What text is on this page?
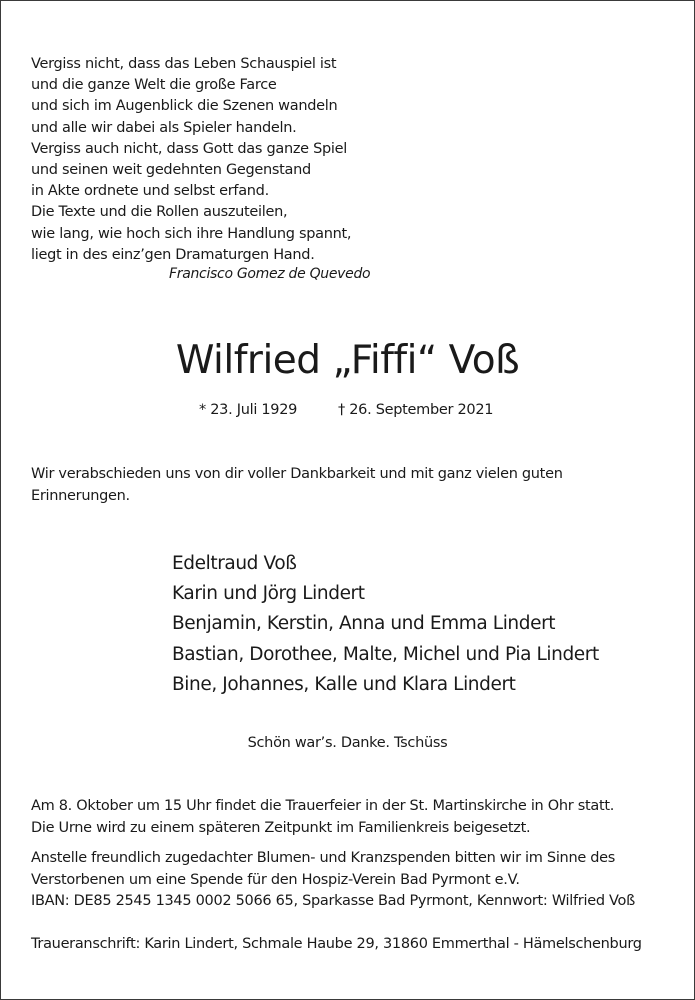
Vergiss nicht, dass das Leben Schauspiel ist
und die ganze Welt die große Farce
und sich im Augenblick die Szenen wandeln
und alle wir dabei als Spieler handeln.
Vergiss auch nicht, dass Gott das ganze Spiel
und seinen weit gedehnten Gegenstand
in Akte ordnete und selbst erfand.
Die Texte und die Rollen auszuteilen,
wie lang, wie hoch sich ihre Handlung spannt,
liegt in des einz’gen Dramaturgen Hand.
Francisco Gomez de Quevedo
Wilfried „Fiffi“ Voß
* 23. Juli 1929	† 26. September 2021
Wir verabschieden uns von dir voller Dankbarkeit und mit ganz vielen guten Erinnerungen.
Edeltraud Voß
Karin und Jörg Lindert
Benjamin, Kerstin, Anna und Emma Lindert
Bastian, Dorothee, Malte, Michel und Pia Lindert
Bine, Johannes, Kalle und Klara Lindert
Schön war’s. Danke. Tschüss
Am 8. Oktober um 15 Uhr findet die Trauerfeier in der St. Martinskirche in Ohr statt.
Die Urne wird zu einem späteren Zeitpunkt im Familienkreis beigesetzt.
Anstelle freundlich zugedachter Blumen- und Kranzspenden bitten wir im Sinne des
Verstorbenen um eine Spende für den Hospiz-Verein Bad Pyrmont e.V.
IBAN: DE85 2545 1345 0002 5066 65, Sparkasse Bad Pyrmont, Kennwort: Wilfried Voß
Traueranschrift: Karin Lindert, Schmale Haube 29, 31860 Emmerthal - Hämelschenburg
